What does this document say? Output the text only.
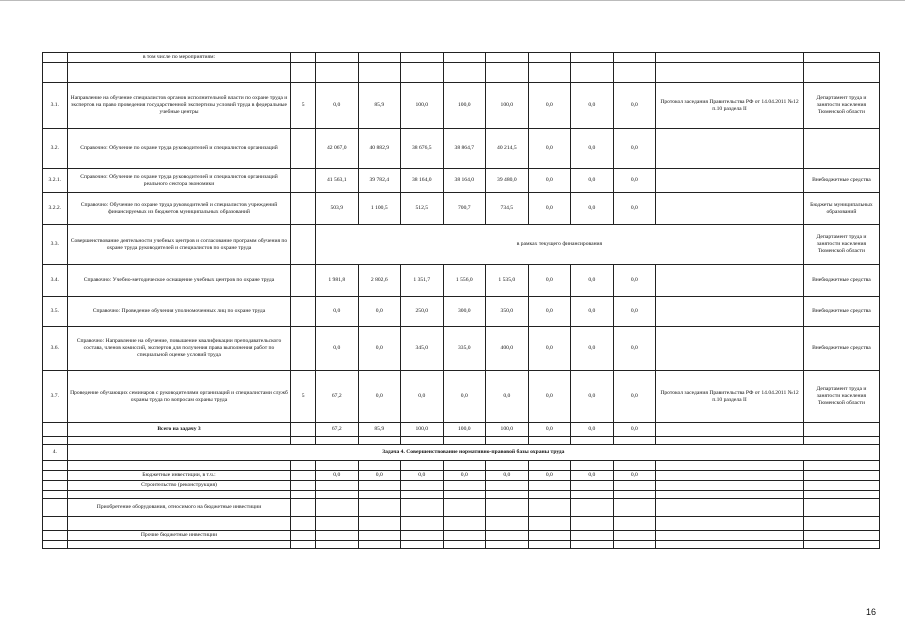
	в том числе по мероприятиям:											

3.1.	Направление на обучение специалистов органов исполнительной власти по охране труда и экспертов на право проведения государственной экспертизы условий труда в федеральные учебные центры	5	0,0	85,9	100,0	100,0	100,0	0,0	0,0	0,0	Протокол заседания Правительства РФ от 14.04.2011 №12 п.10 раздела II	Департамент труда и занятости населения Тюменской области
3.2.	Справочно: Обучение по охране труда руководителей и специалистов организаций		42 067,0	40 882,9	38 676,5	38 864,7	40 214,5	0,0	0,0	0,0		
3.2.1.	Справочно: Обучение по охране труда руководителей и специалистов организаций реального сектора экономики		41 563,1	39 782,4	38 164,0	38 164,0	39 480,0	0,0	0,0	0,0		Внебюджетные средства
3.2.2.	Справочно: Обучение по охране труда руководителей и специалистов учреждений финансируемых из бюджетов муниципальных образований		503,9	1 100,5	512,5	700,7	734,5	0,0	0,0	0,0		Бюджеты муниципальных образований
3.3.	Совершенствование деятельности учебных центров и согласование программ обучения по охране труда руководителей и специалистов по охране труда		в рамках текущего финансирования									Департамент труда и занятости населения Тюменской области
3.4.	Справочно: Учебно-методическое оснащение учебных центров по охране труда		1 981,8	2 802,6	1 351,7	1 556,0	1 535,0	0,0	0,0	0,0		Внебюджетные средства
3.5.	Справочно: Проведение обучения уполномоченных лиц по охране труда		0,0	0,0	250,0	300,0	350,0	0,0	0,0	0,0		Внебюджетные средства
3.6.	Справочно: Направление на обучение, повышение квалификации преподавательского состава, членов комиссий, экспертов для получения права выполнения работ по специальной оценке условий труда		0,0	0,0	345,0	335,0	400,0	0,0	0,0	0,0		Внебюджетные средства
3.7.	Проведение обучающих семинаров с руководителями организаций и специалистами служб охраны труда по вопросам охраны труда	5	67,2	0,0	0,0	0,0	0,0	0,0	0,0	0,0	Протокол заседания Правительства РФ от 14.04.2011 №12 п.10 раздела II	Департамент труда и занятости населения Тюменской области
	Всего на задачу 3		67,2	85,9	100,0	100,0	100,0	0,0	0,0	0,0		

4.	Задача 4. Совершенствование нормативно-правовой базы охраны труда											

	Бюджетные инвестиции, в т.ч.:		0,0	0,0	0,0	0,0	0,0	0,0	0,0	0,0		
	Строительство (реконструкция)											

	Приобретение оборудования, относимого на бюджетные инвестиции											

	Прочие бюджетные инвестиции											

16
